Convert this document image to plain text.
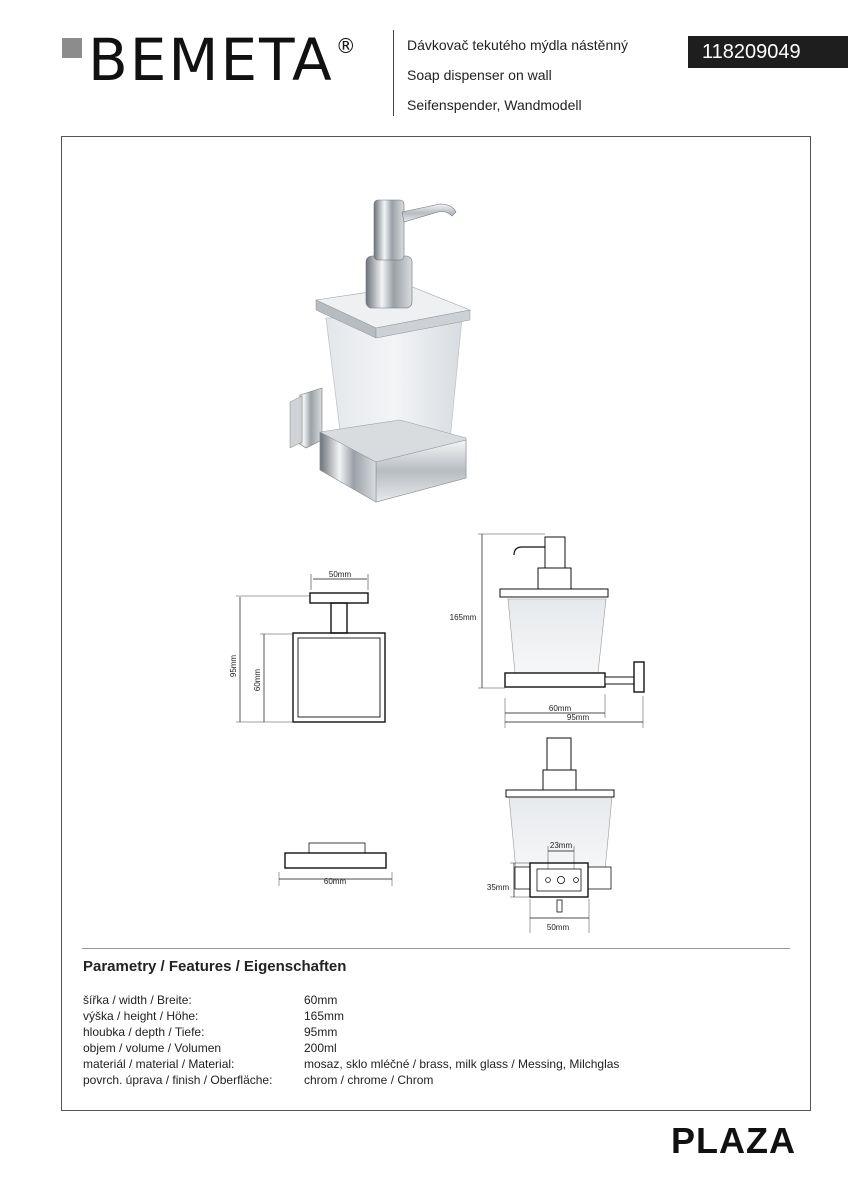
BEMETA ®	Dávkovač tekutého mýdla nástěnný
Soap dispenser on wall
Seifenspender, Wandmodell
118209049
50mm
95mm
60mm
60mm
165mm
60mm
95mm
23mm
35mm
50mm
Parametry / Features / Eigenschaften
šířka / width / Breite:	60mm
výška / height / Höhe:	165mm
hloubka / depth / Tiefe:	95mm
objem / volume / Volumen	200ml
materiál / material / Material:	mosaz, sklo mléčné / brass, milk glass / Messing, Milchglas
povrch. úprava / finish / Oberfläche:	chrom / chrome / Chrom
PLAZA
